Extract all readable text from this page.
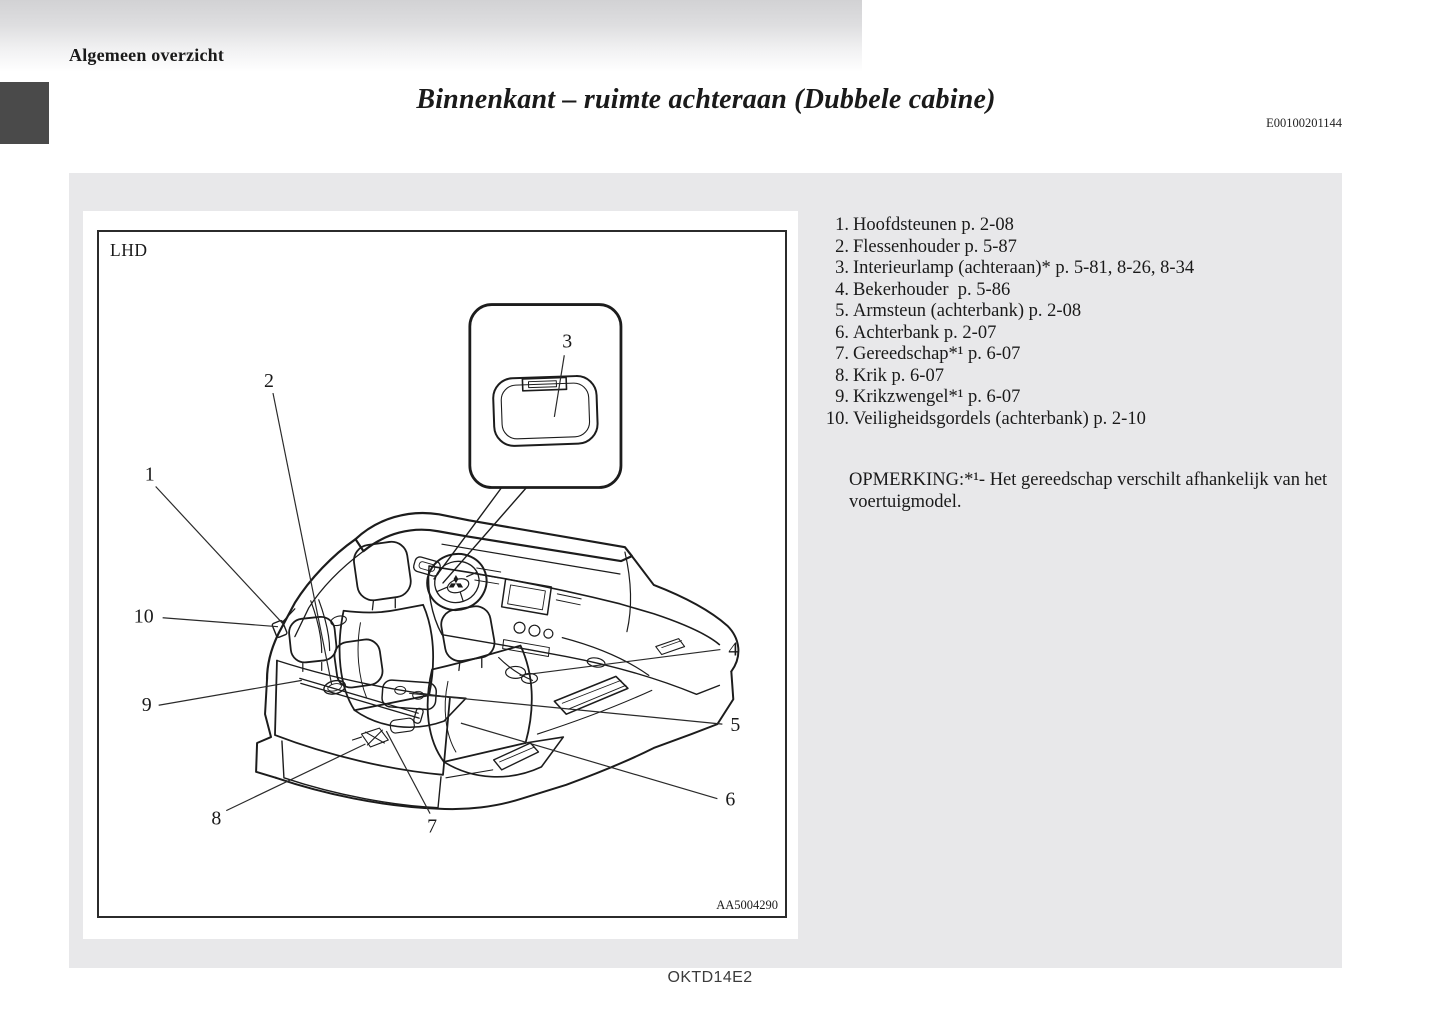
Algemeen overzicht
Binnenkant – ruimte achteraan (Dubbele cabine)
E00100201144
1
2
3
4
5
6
7
8
9
10
LHD
AA5004290
1. Hoofdsteunen p. 2-08
2. Flessenhouder p. 5-87
3. Interieurlamp (achteraan)* p. 5-81, 8-26, 8-34
4. Bekerhouder  p. 5-86
5. Armsteun (achterbank) p. 2-08
6. Achterbank p. 2-07
7. Gereedschap*¹ p. 6-07
8. Krik p. 6-07
9. Krikzwengel*¹ p. 6-07
10. Veiligheidsgordels (achterbank) p. 2-10
OPMERKING:*¹- Het gereedschap verschilt afhankelijk van het
voertuigmodel.
OKTD14E2
